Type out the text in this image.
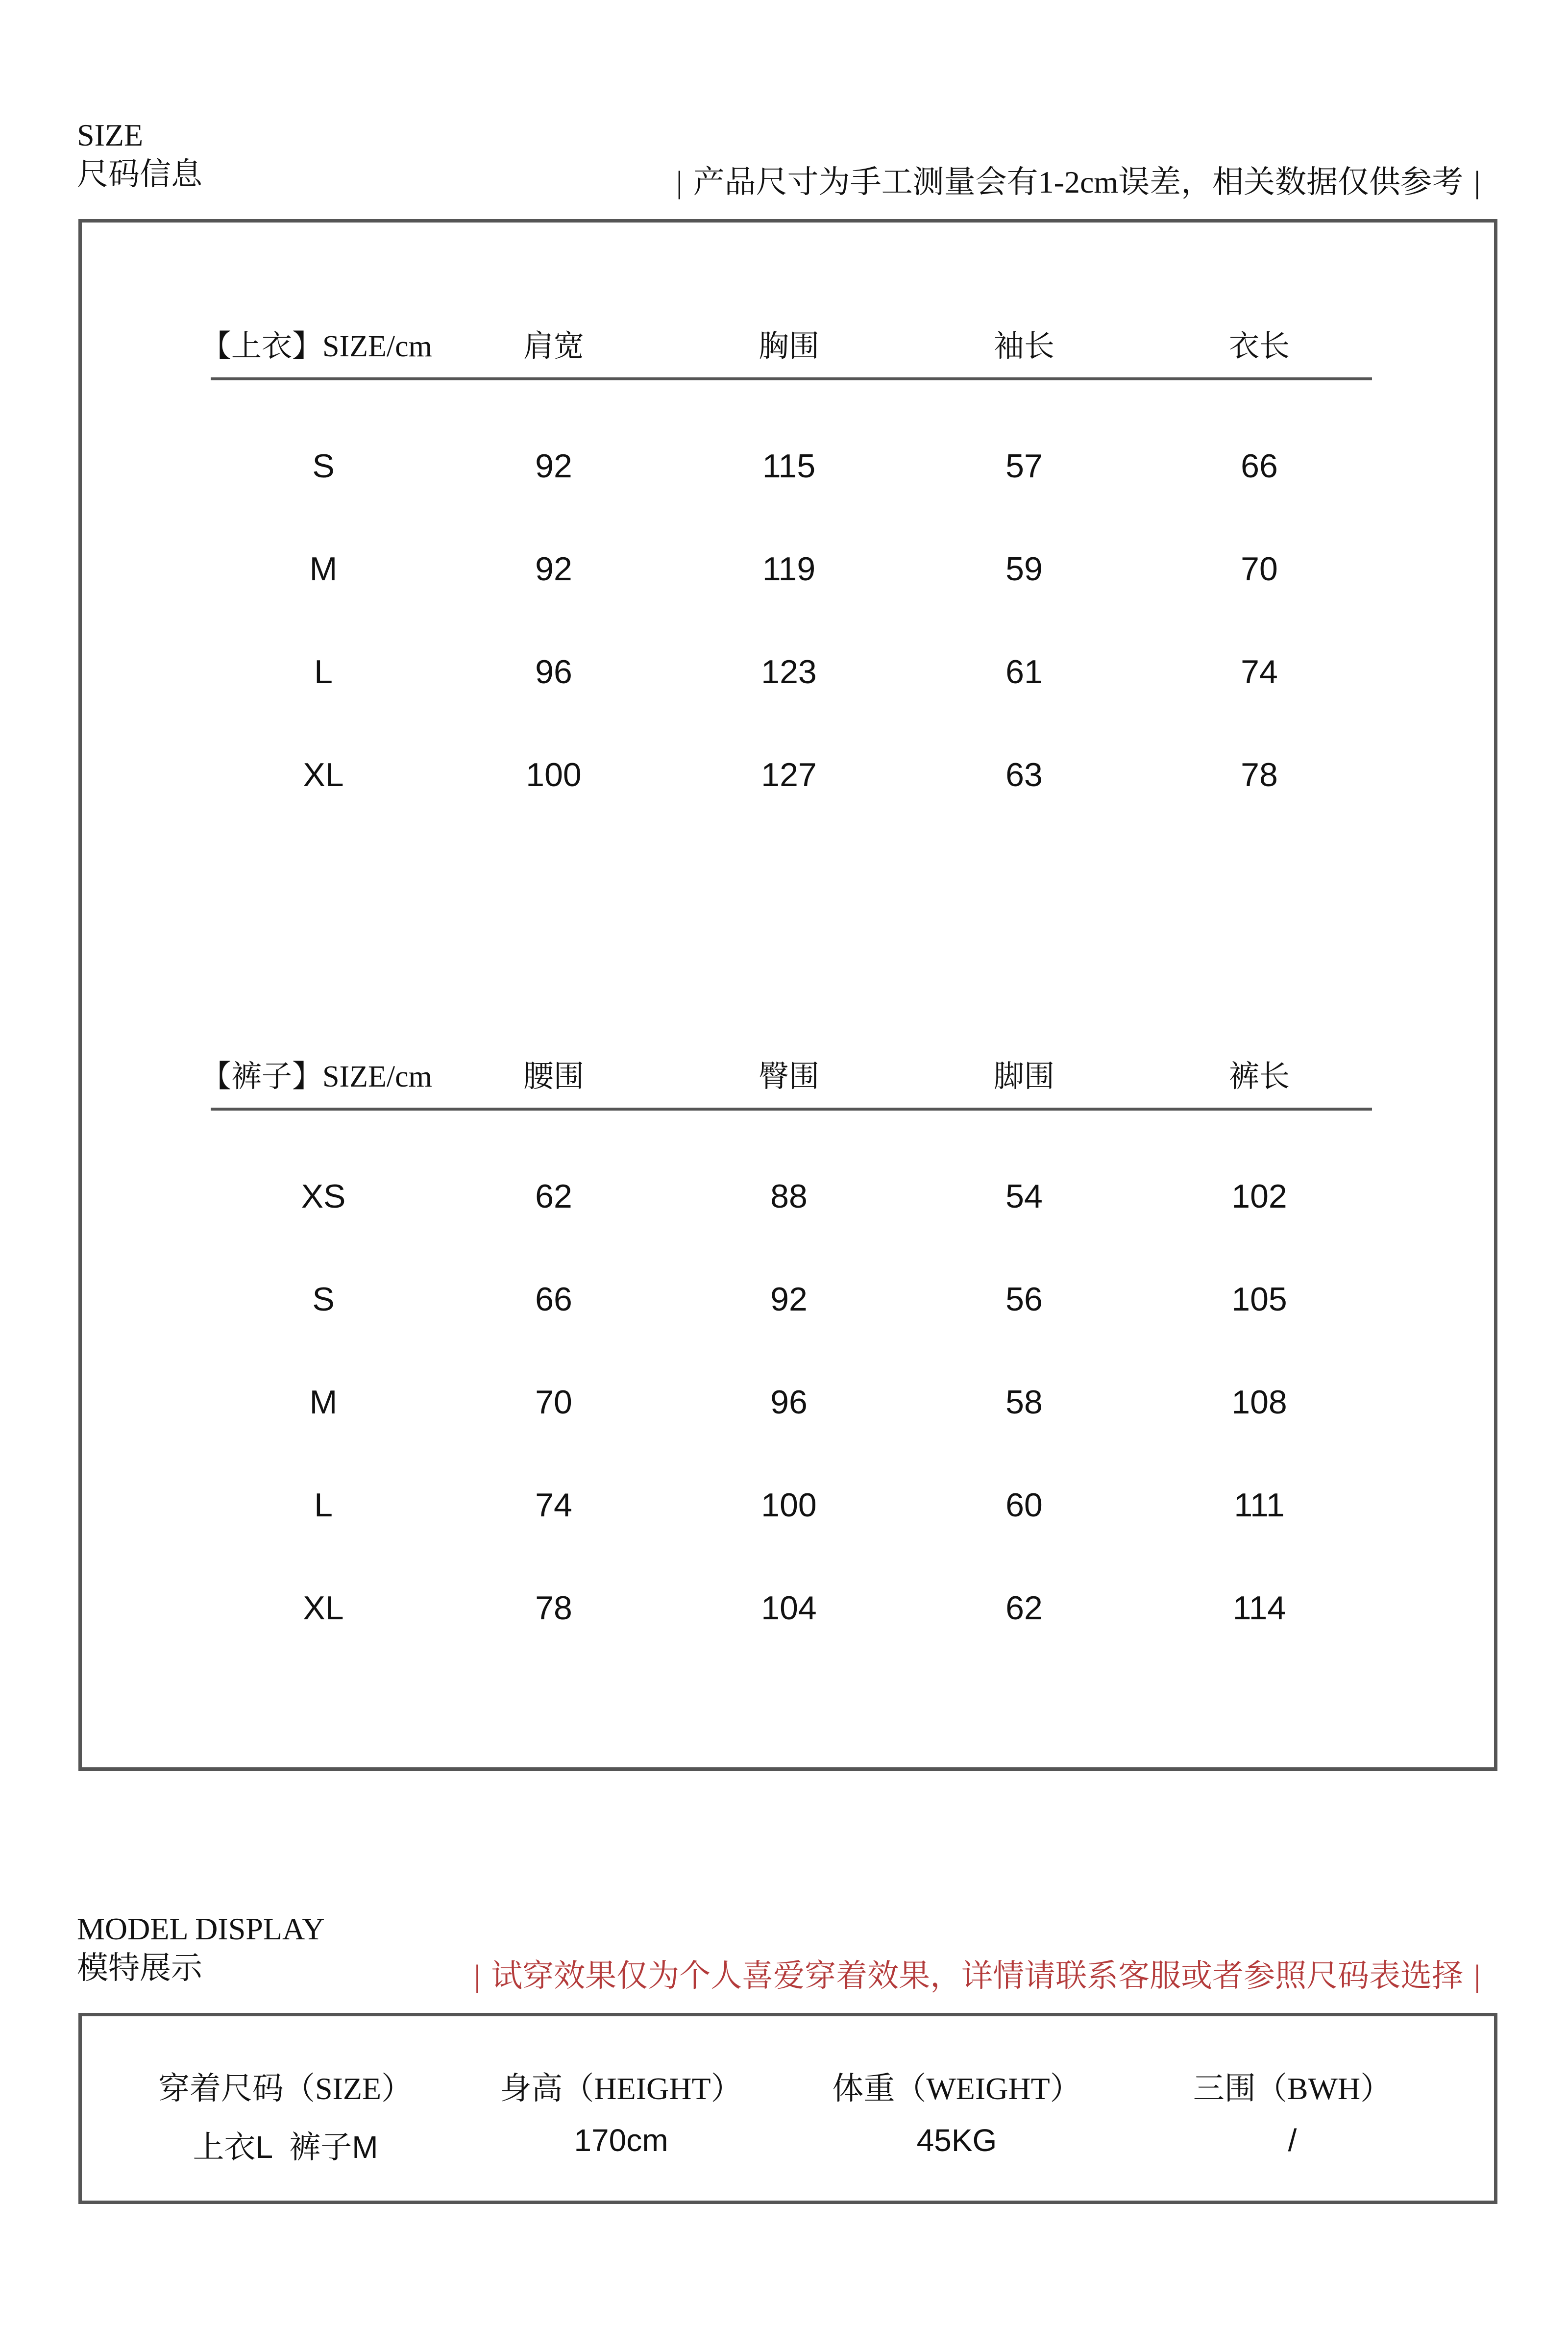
SIZE
尺码信息	| 产品尺寸为手工测量会有1-2cm误差，相关数据仅供参考 |
【上衣】SIZE/cm	肩宽	胸围	袖长	衣长
S	92	115	57	66
M	92	119	59	70
L	96	123	61	74
XL	100	127	63	78
【裤子】SIZE/cm	腰围	臀围	脚围	裤长
XS	62	88	54	102
S	66	92	56	105
M	70	96	58	108
L	74	100	60	111
XL	78	104	62	114
MODEL DISPLAY
模特展示	| 试穿效果仅为个人喜爱穿着效果，详情请联系客服或者参照尺码表选择 |
穿着尺码（SIZE）	身高（HEIGHT）	体重（WEIGHT）	三围（BWH）
上衣L  裤子M	170cm	45KG	/
